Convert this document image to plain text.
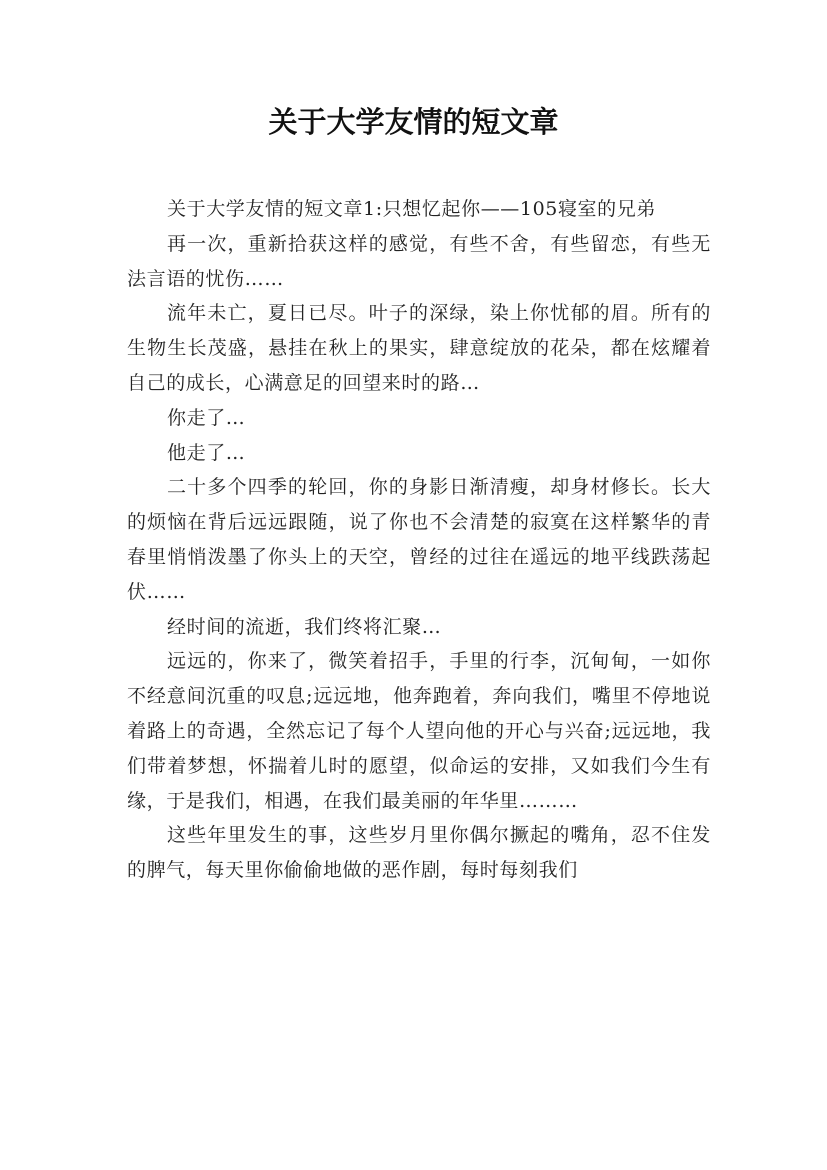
关于大学友情的短文章

关于大学友情的短文章1:只想忆起你——105寝室的兄弟

再一次，重新拾获这样的感觉，有些不舍，有些留恋，有些无法言语的忧伤……

流年未亡，夏日已尽。叶子的深绿，染上你忧郁的眉。所有的生物生长茂盛，悬挂在秋上的果实，肆意绽放的花朵，都在炫耀着自己的成长，心满意足的回望来时的路…

你走了…

他走了…

二十多个四季的轮回，你的身影日渐清瘦，却身材修长。长大的烦恼在背后远远跟随，说了你也不会清楚的寂寞在这样繁华的青春里悄悄泼墨了你头上的天空，曾经的过往在遥远的地平线跌荡起伏……

经时间的流逝，我们终将汇聚…

远远的，你来了，微笑着招手，手里的行李，沉甸甸，一如你不经意间沉重的叹息;远远地，他奔跑着，奔向我们，嘴里不停地说着路上的奇遇，全然忘记了每个人望向他的开心与兴奋;远远地，我们带着梦想，怀揣着儿时的愿望，似命运的安排，又如我们今生有缘，于是我们，相遇，在我们最美丽的年华里………

这些年里发生的事，这些岁月里你偶尔撅起的嘴角，忍不住发的脾气，每天里你偷偷地做的恶作剧，每时每刻我们
